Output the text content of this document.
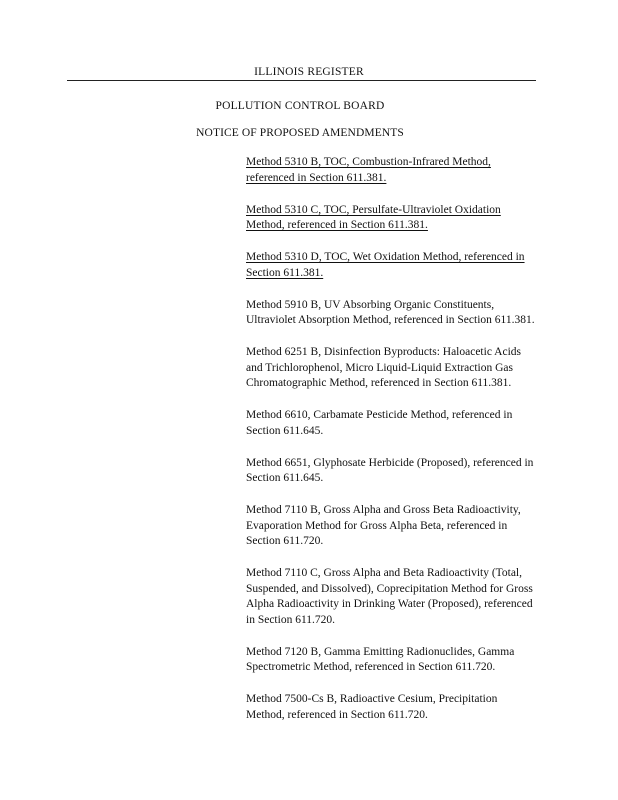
ILLINOIS REGISTER
POLLUTION CONTROL BOARD
NOTICE OF PROPOSED AMENDMENTS

Method 5310 B, TOC, Combustion-Infrared Method, referenced in Section 611.381.

Method 5310 C, TOC, Persulfate-Ultraviolet Oxidation Method, referenced in Section 611.381.

Method 5310 D, TOC, Wet Oxidation Method, referenced in Section 611.381.

Method 5910 B, UV Absorbing Organic Constituents, Ultraviolet Absorption Method, referenced in Section 611.381.

Method 6251 B, Disinfection Byproducts: Haloacetic Acids and Trichlorophenol, Micro Liquid-Liquid Extraction Gas Chromatographic Method, referenced in Section 611.381.

Method 6610, Carbamate Pesticide Method, referenced in Section 611.645.

Method 6651, Glyphosate Herbicide (Proposed), referenced in Section 611.645.

Method 7110 B, Gross Alpha and Gross Beta Radioactivity, Evaporation Method for Gross Alpha Beta, referenced in Section 611.720.

Method 7110 C, Gross Alpha and Beta Radioactivity (Total, Suspended, and Dissolved), Coprecipitation Method for Gross Alpha Radioactivity in Drinking Water (Proposed), referenced in Section 611.720.

Method 7120 B, Gamma Emitting Radionuclides, Gamma Spectrometric Method, referenced in Section 611.720.

Method 7500-Cs B, Radioactive Cesium, Precipitation Method, referenced in Section 611.720.
